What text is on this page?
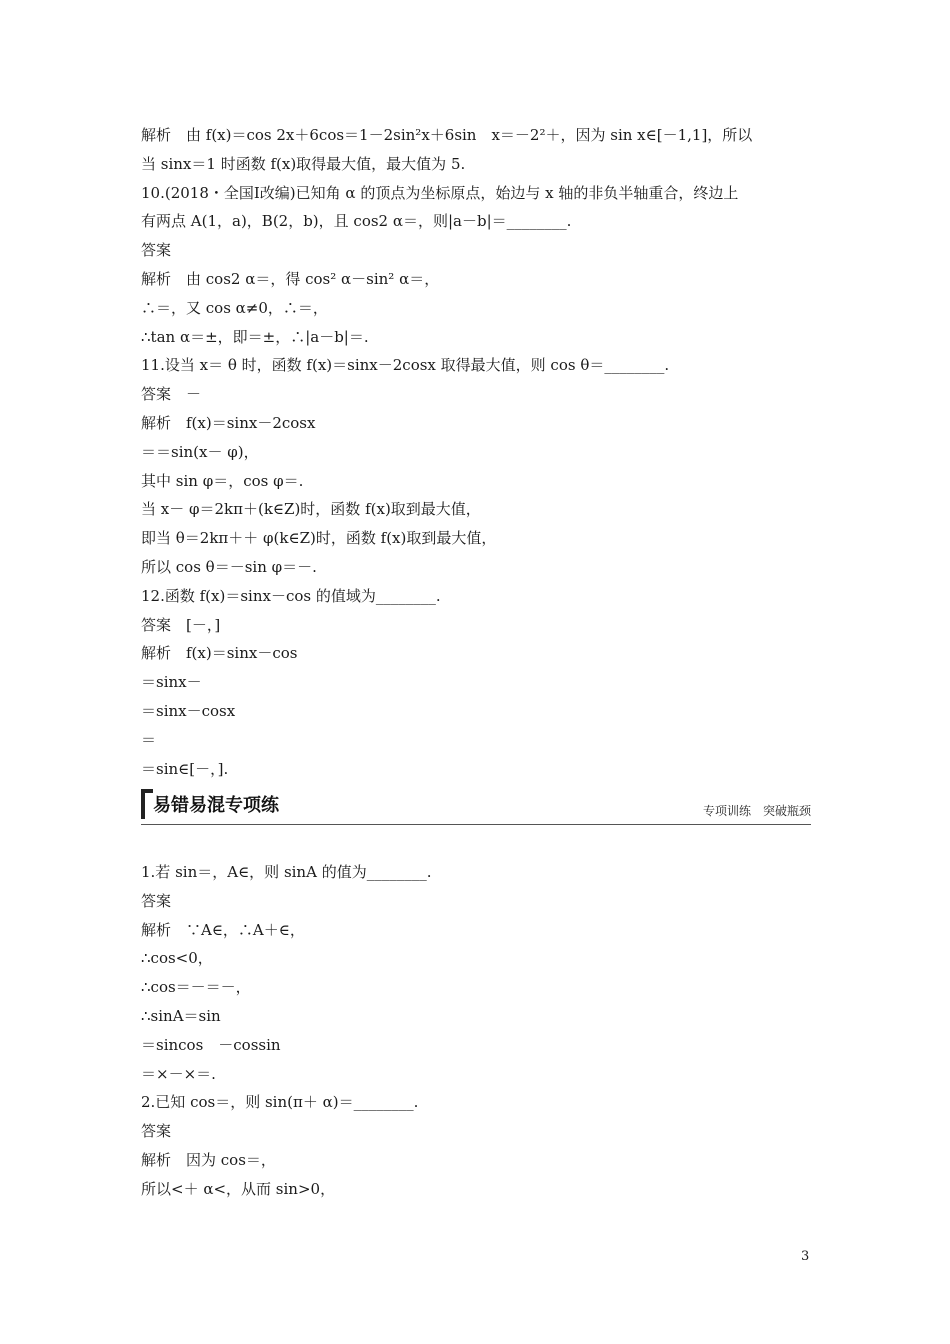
解析　由 f(x)＝cos 2x＋6cos＝1－2sin²x＋6sin　x＝－2²＋，因为 sin x∈[－1,1]，所以
当 sinx＝1 时函数 f(x)取得最大值，最大值为 5.
10.(2018・全国Ⅰ改编)已知角 α 的顶点为坐标原点，始边与 x 轴的非负半轴重合，终边上
有两点 A(1，a)，B(2，b)，且 cos2 α＝，则|a－b|＝________.
答案
解析　由 cos2 α＝，得 cos² α－sin² α＝，
∴＝，又 cos α≠0，∴＝，
∴tan α＝±，即＝±，∴|a－b|＝.
11.设当 x＝ θ 时，函数 f(x)＝sinx－2cosx 取得最大值，则 cos θ＝________.
答案　－
解析　f(x)＝sinx－2cosx
＝＝sin(x－ φ)，
其中 sin φ＝，cos φ＝.
当 x－ φ＝2kπ＋(k∈Z)时，函数 f(x)取到最大值，
即当 θ＝2kπ＋＋ φ(k∈Z)时，函数 f(x)取到最大值，
所以 cos θ＝－sin φ＝－.
12.函数 f(x)＝sinx－cos 的值域为________.
答案　[－，]
解析　f(x)＝sinx－cos
＝sinx－
＝sinx－cosx
＝
＝sin∈[－，].
易错易混专项练	专项训练　突破瓶颈
1.若 sin＝，A∈，则 sinA 的值为________.
答案
解析　∵A∈，∴A＋∈，
∴cos<0，
∴cos＝－＝－，
∴sinA＝sin
＝sincos　－cossin
＝×－×＝.
2.已知 cos＝，则 sin(π＋ α)＝________.
答案
解析　因为 cos＝，
所以<＋ α<，从而 sin>0，
3
